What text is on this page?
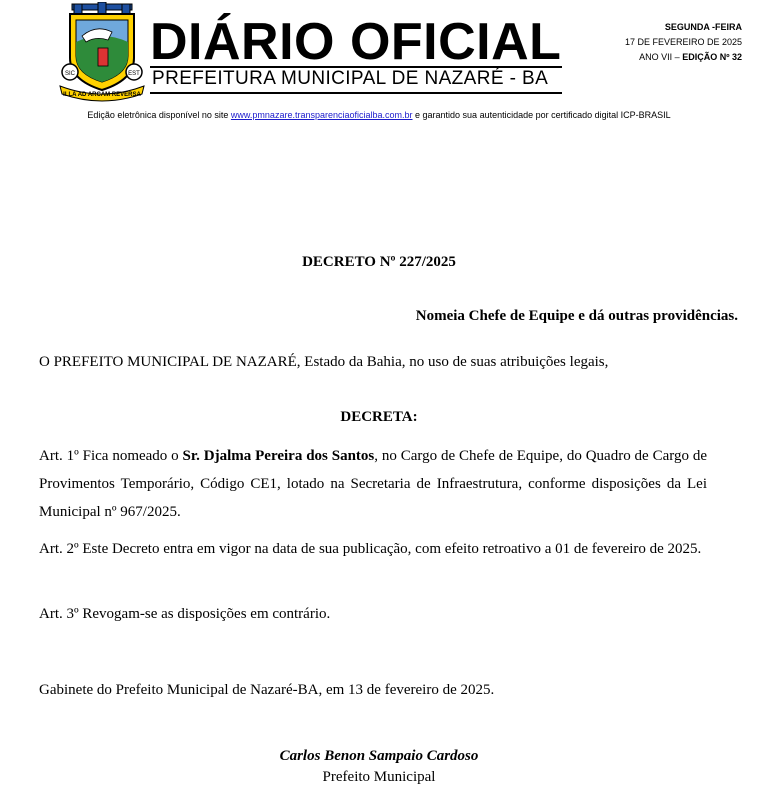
SIC	EST
ILLA AD ARCAM REVERSA
DIÁRIO OFICIAL
PREFEITURA MUNICIPAL DE NAZARÉ - BA
SEGUNDA -FEIRA
17 DE FEVEREIRO DE 2025
ANO VII – EDIÇÃO Nº 32
Edição eletrônica disponível no site www.pmnazare.transparenciaoficialba.com.br e garantido sua autenticidade por certificado digital ICP-BRASIL
DECRETO Nº 227/2025
Nomeia Chefe de Equipe e dá outras providências.
O PREFEITO MUNICIPAL DE NAZARÉ, Estado da Bahia, no uso de suas atribuições legais,
DECRETA:
Art. 1º Fica nomeado o Sr. Djalma Pereira dos Santos, no Cargo de Chefe de Equipe, do Quadro de Cargo de Provimentos Temporário, Código CE1, lotado na Secretaria de Infraestrutura, conforme disposições da Lei Municipal nº 967/2025.
Art. 2º Este Decreto entra em vigor na data de sua publicação, com efeito retroativo a 01 de fevereiro de 2025.
Art. 3º Revogam-se as disposições em contrário.
Gabinete do Prefeito Municipal de Nazaré-BA, em 13 de fevereiro de 2025.
Carlos Benon Sampaio Cardoso
Prefeito Municipal
